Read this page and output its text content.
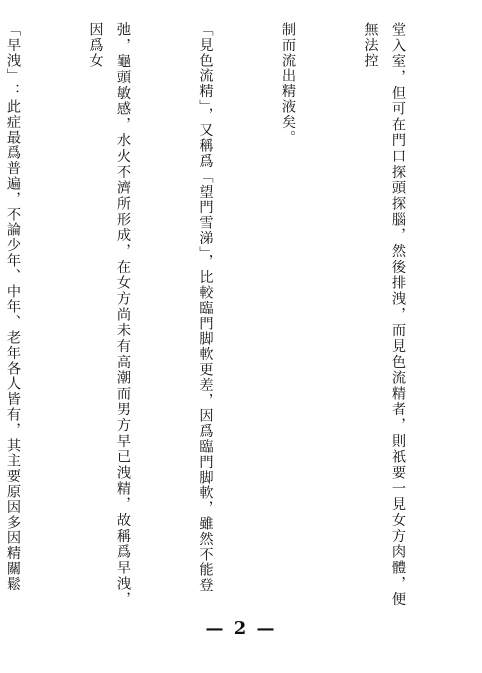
堂入室，但可在門口探頭探腦，然後排洩，而見色流精者，則祇要一見女方肉體，便無法控

制而流出精液矣。

「見色流精」，又稱爲「望門雪涕」，比較臨門脚軟更差，因爲臨門脚軟，雖然不能登

弛，龜頭敏感，水火不濟所形成，在女方尚未有高潮而男方早已洩精，故稱爲早洩，因爲女

「早洩」：此症最爲普遍，不論少年、中年、老年各人皆有，其主要原因多因精關鬆

— 2 —
